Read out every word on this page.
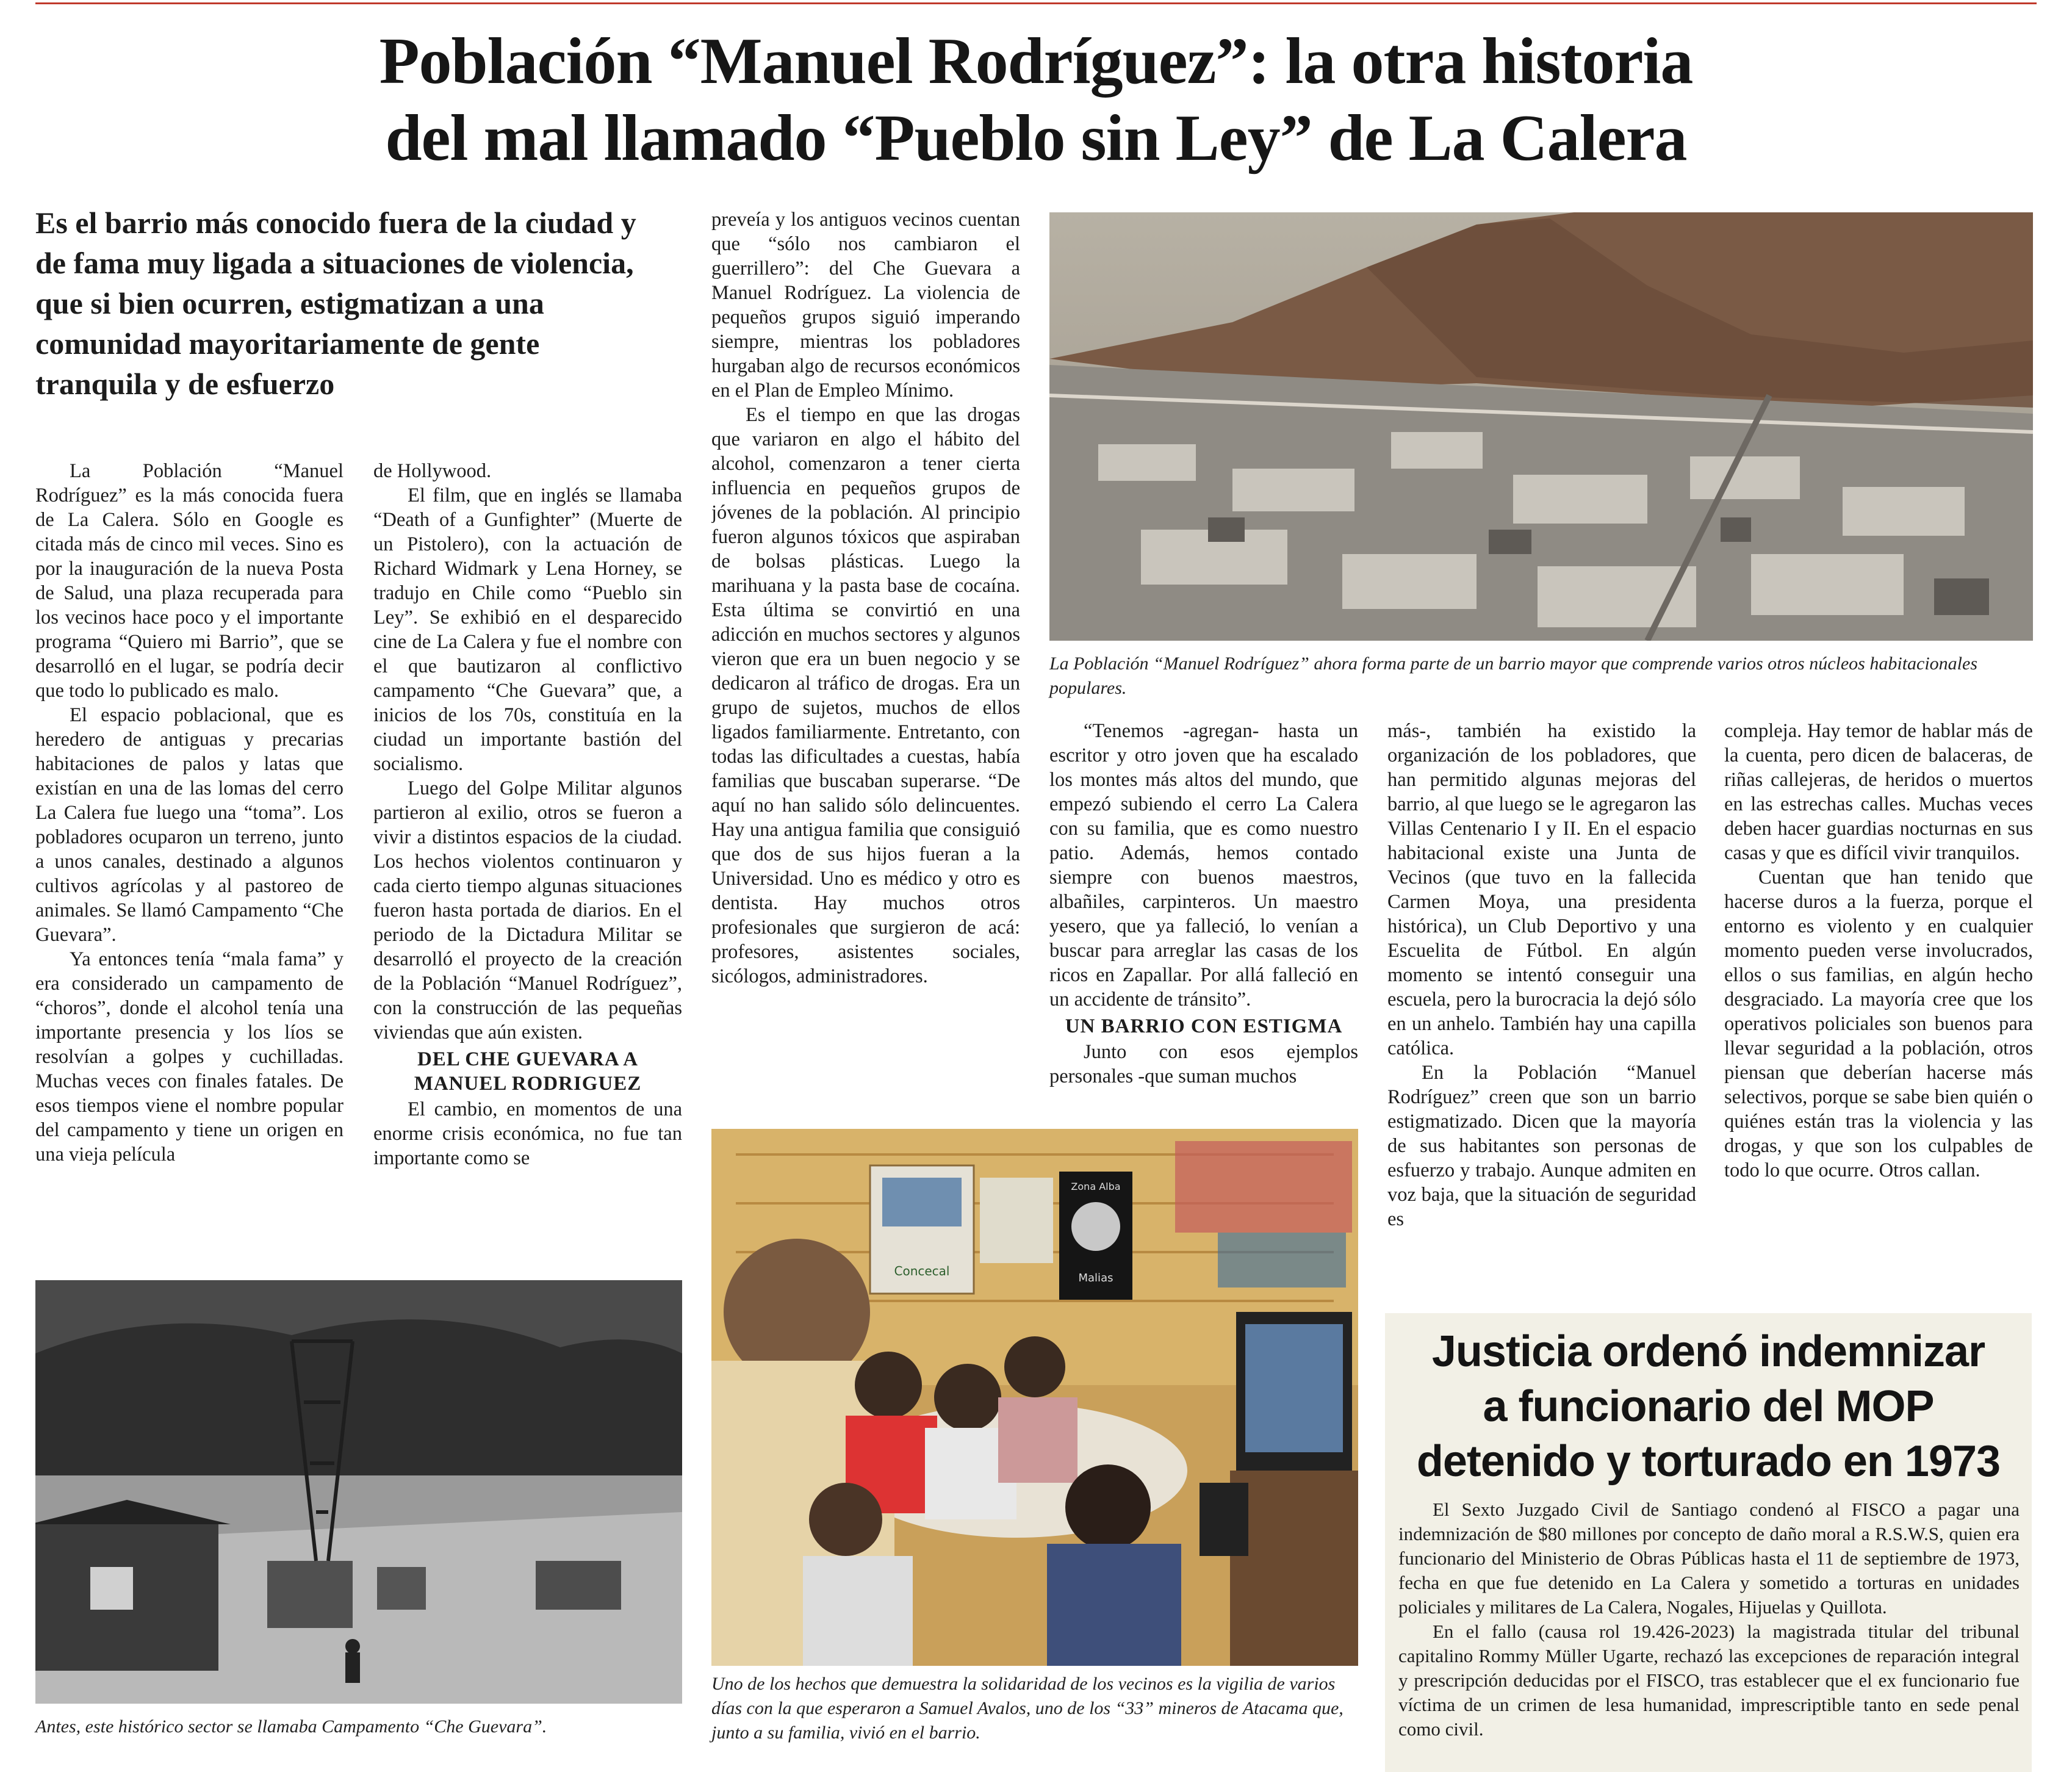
Población “Manuel Rodríguez”: la otra historia
del mal llamado “Pueblo sin Ley” de La Calera
Es el barrio más conocido fuera de la ciudad y de fama muy ligada a situaciones de violencia, que si bien ocurren, estigmatizan a una comunidad mayoritariamente de gente tranquila y de esfuerzo

La Población “Manuel Rodríguez” es la más conocida fuera de La Calera. Sólo en Google es citada más de cinco mil veces. Sino es por la inauguración de la nueva Posta de Salud, una plaza recuperada para los vecinos hace poco y el importante programa “Quiero mi Barrio”, que se desarrolló en el lugar, se podría decir que todo lo publicado es malo.

El espacio poblacional, que es heredero de antiguas y precarias habitaciones de palos y latas que existían en una de las lomas del cerro La Calera fue luego una “toma”. Los pobladores ocuparon un terreno, junto a unos canales, destinado a algunos cultivos agrícolas y al pastoreo de animales. Se llamó Campamento “Che Guevara”.

Ya entonces tenía “mala fama” y era considerado un campamento de “choros”, donde el alcohol tenía una importante presencia y los líos se resolvían a golpes y cuchilladas. Muchas veces con finales fatales. De esos tiempos viene el nombre popular del campamento y tiene un origen en una vieja película

de Hollywood.

El film, que en inglés se llamaba “Death of a Gunfighter” (Muerte de un Pistolero), con la actuación de Richard Widmark y Lena Horney, se tradujo en Chile como “Pueblo sin Ley”. Se exhibió en el desparecido cine de La Calera y fue el nombre con el que bautizaron al conflictivo campamento “Che Guevara” que, a inicios de los 70s, constituía en la ciudad un importante bastión del socialismo.

Luego del Golpe Militar algunos partieron al exilio, otros se fueron a vivir a distintos espacios de la ciudad. Los hechos violentos continuaron y cada cierto tiempo algunas situaciones fueron hasta portada de diarios. En el periodo de la Dictadura Militar se desarrolló el proyecto de la creación de la Población “Manuel Rodríguez”, con la construcción de las pequeñas viviendas que aún existen.

DEL CHE GUEVARA A
MANUEL RODRIGUEZ

El cambio, en momentos de una enorme crisis económica, no fue tan importante como se

preveía y los antiguos vecinos cuentan que “sólo nos cambiaron el guerrillero”: del Che Guevara a Manuel Rodríguez. La violencia de pequeños grupos siguió imperando siempre, mientras los pobladores hurgaban algo de recursos económicos en el Plan de Empleo Mínimo.

Es el tiempo en que las drogas que variaron en algo el hábito del alcohol, comenzaron a tener cierta influencia en pequeños grupos de jóvenes de la población. Al principio fueron algunos tóxicos que aspiraban de bolsas plásticas. Luego la marihuana y la pasta base de cocaína. Esta última se convirtió en una adicción en muchos sectores y algunos vieron que era un buen negocio y se dedicaron al tráfico de drogas. Era un grupo de sujetos, muchos de ellos ligados familiarmente. Entretanto, con todas las dificultades a cuestas, había familias que buscaban superarse. “De aquí no han salido sólo delincuentes. Hay una antigua familia que consiguió que dos de sus hijos fueran a la Universidad. Uno es médico y otro es dentista. Hay muchos otros profesionales que surgieron de acá: profesores, asistentes sociales, sicólogos, administradores.

La Población “Manuel Rodríguez” ahora forma parte de un barrio mayor que comprende varios otros núcleos habitacionales populares.

“Tenemos -agregan- hasta un escritor y otro joven que ha escalado los montes más altos del mundo, que empezó subiendo el cerro La Calera con su familia, que es como nuestro patio. Además, hemos contado siempre con buenos maestros, albañiles, carpinteros. Un maestro yesero, que ya falleció, lo venían a buscar para arreglar las casas de los ricos en Zapallar. Por allá falleció en un accidente de tránsito”.

UN BARRIO CON ESTIGMA

Junto con esos ejemplos personales -que suman muchos

más-, también ha existido la organización de los pobladores, que han permitido algunas mejoras del barrio, al que luego se le agregaron las Villas Centenario I y II. En el espacio habitacional existe una Junta de Vecinos (que tuvo en la fallecida Carmen Moya, una presidenta histórica), un Club Deportivo y una Escuelita de Fútbol. En algún momento se intentó conseguir una escuela, pero la burocracia la dejó sólo en un anhelo. También hay una capilla católica.

En la Población “Manuel Rodríguez” creen que son un barrio estigmatizado. Dicen que la mayoría de sus habitantes son personas de esfuerzo y trabajo. Aunque admiten en voz baja, que la situación de seguridad es

compleja. Hay temor de hablar más de la cuenta, pero dicen de balaceras, de riñas callejeras, de heridos o muertos en las estrechas calles. Muchas veces deben hacer guardias nocturnas en sus casas y que es difícil vivir tranquilos.

Cuentan que han tenido que hacerse duros a la fuerza, porque el entorno es violento y en cualquier momento pueden verse involucrados, ellos o sus familias, en algún hecho desgraciado. La mayoría cree que los operativos policiales son buenos para llevar seguridad a la población, otros piensan que deberían hacerse más selectivos, porque se sabe bien quién o quiénes están tras la violencia y las drogas, y que son los culpables de todo lo que ocurre. Otros callan.

Antes, este histórico sector se llamaba Campamento “Che Guevara”.
Concecal
Zona Alba
Malias
Uno de los hechos que demuestra la solidaridad de los vecinos es la vigilia de varios días con la que esperaron a Samuel Avalos, uno de los “33” mineros de Atacama que, junto a su familia, vivió en el barrio.
Justicia ordenó indemnizar
a funcionario del MOP
detenido y torturado en 1973

El Sexto Juzgado Civil de Santiago condenó al FISCO a pagar una indemnización de $80 millones por concepto de daño moral a R.S.W.S, quien era funcionario del Ministerio de Obras Públicas hasta el 11 de septiembre de 1973, fecha en que fue detenido en La Calera y sometido a torturas en unidades policiales y militares de La Calera, Nogales, Hijuelas y Quillota.

En el fallo (causa rol 19.426-2023) la magistrada titular del tribunal capitalino Rommy Müller Ugarte, rechazó las excepciones de reparación integral y prescripción deducidas por el FISCO, tras establecer que el ex funcionario fue víctima de un crimen de lesa humanidad, imprescriptible tanto en sede penal como civil.
